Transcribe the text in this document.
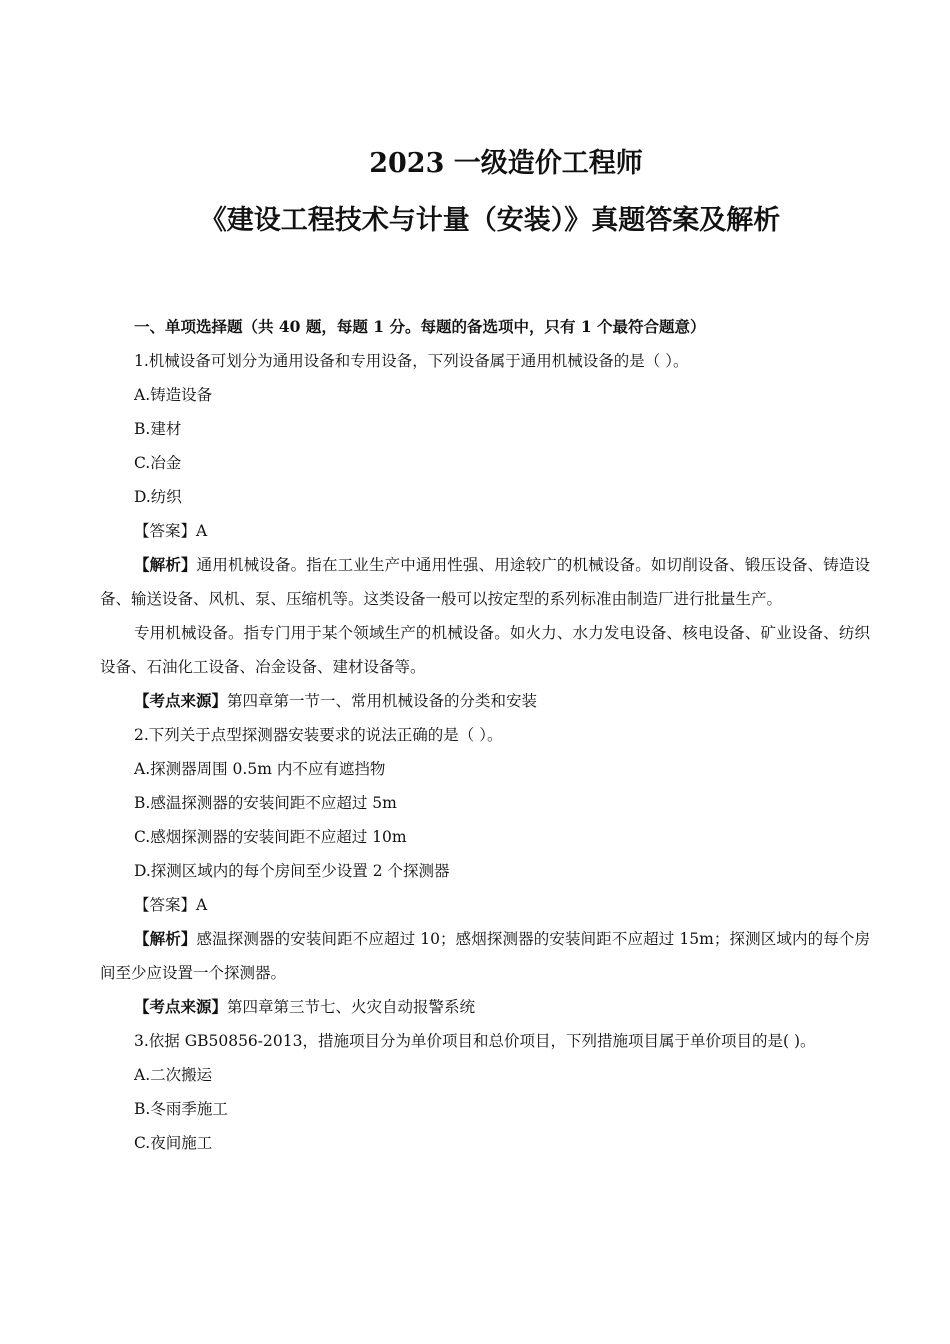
2023 一级造价工程师
《建设工程技术与计量（安装）》真题答案及解析

一、单项选择题（共 40 题，每题 1 分。每题的备选项中，只有 1 个最符合题意）

1.机械设备可划分为通用设备和专用设备，下列设备属于通用机械设备的是（ ）。

A.铸造设备

B.建材

C.冶金

D.纺织

【答案】A

【解析】通用机械设备。指在工业生产中通用性强、用途较广的机械设备。如切削设备、锻压设备、铸造设备、输送设备、风机、泵、压缩机等。这类设备一般可以按定型的系列标准由制造厂进行批量生产。

专用机械设备。指专门用于某个领域生产的机械设备。如火力、水力发电设备、核电设备、矿业设备、纺织设备、石油化工设备、冶金设备、建材设备等。

【考点来源】第四章第一节一、常用机械设备的分类和安装

2.下列关于点型探测器安装要求的说法正确的是（ ）。

A.探测器周围 0.5m 内不应有遮挡物

B.感温探测器的安装间距不应超过 5m

C.感烟探测器的安装间距不应超过 10m

D.探测区域内的每个房间至少设置 2 个探测器

【答案】A

【解析】感温探测器的安装间距不应超过 10；感烟探测器的安装间距不应超过 15m；探测区域内的每个房间至少应设置一个探测器。

【考点来源】第四章第三节七、火灾自动报警系统

3.依据 GB50856-2013，措施项目分为单价项目和总价项目，下列措施项目属于单价项目的是( )。

A.二次搬运

B.冬雨季施工

C.夜间施工
